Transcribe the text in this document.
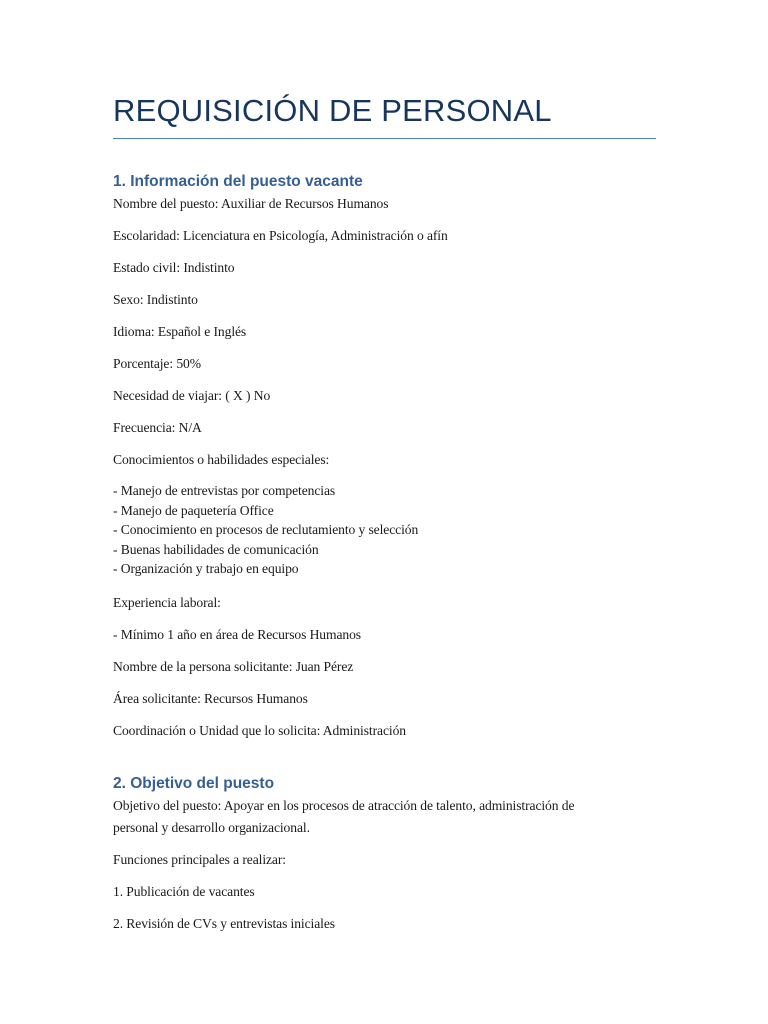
REQUISICIÓN DE PERSONAL
1. Información del puesto vacante

Nombre del puesto: Auxiliar de Recursos Humanos

Escolaridad: Licenciatura en Psicología, Administración o afín

Estado civil: Indistinto

Sexo: Indistinto

Idioma: Español e Inglés

Porcentaje: 50%

Necesidad de viajar: ( X ) No

Frecuencia: N/A

Conocimientos o habilidades especiales:

- Manejo de entrevistas por competencias
- Manejo de paquetería Office
- Conocimiento en procesos de reclutamiento y selección
- Buenas habilidades de comunicación
- Organización y trabajo en equipo

Experiencia laboral:

- Mínimo 1 año en área de Recursos Humanos

Nombre de la persona solicitante: Juan Pérez

Área solicitante: Recursos Humanos

Coordinación o Unidad que lo solicita: Administración

2. Objetivo del puesto

Objetivo del puesto: Apoyar en los procesos de atracción de talento, administración de
personal y desarrollo organizacional.

Funciones principales a realizar:

1. Publicación de vacantes

2. Revisión de CVs y entrevistas iniciales
